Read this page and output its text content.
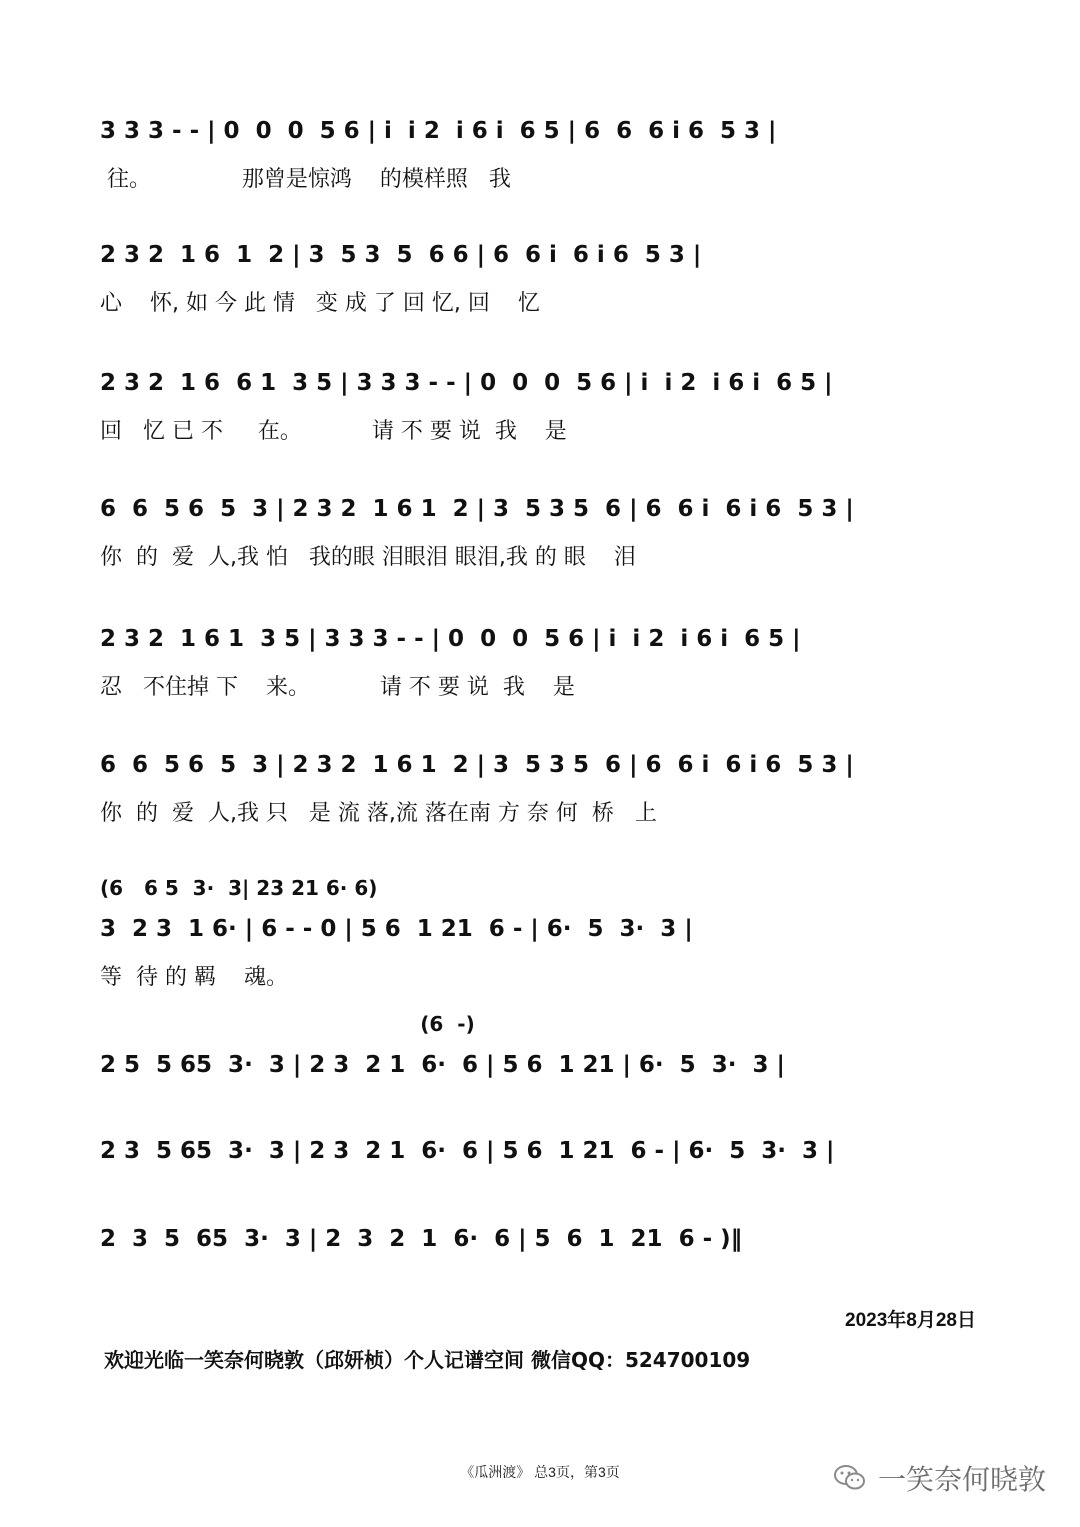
3 3 3 - - | 0  0  0  5 6 | i  i 2  i 6 i  6 5 | 6  6  6 i 6  5 3 |
往。             那曾是惊鸿    的模样照   我
2 3 2  1 6  1  2 | 3  5 3  5  6 6 | 6  6 i  6 i 6  5 3 |
心    怀, 如 今 此 情   变 成 了 回 忆, 回    忆
2 3 2  1 6  6 1  3 5 | 3 3 3 - - | 0  0  0  5 6 | i  i 2  i 6 i  6 5 |
回   忆 已 不     在。          请 不 要 说  我    是
6  6  5 6  5  3 | 2 3 2  1 6 1  2 | 3  5 3 5  6 | 6  6 i  6 i 6  5 3 |
你  的  爱  人,我 怕   我的眼 泪眼泪 眼泪,我 的 眼    泪
2 3 2  1 6 1  3 5 | 3 3 3 - - | 0  0  0  5 6 | i  i 2  i 6 i  6 5 |
忍   不住掉 下    来。          请 不 要 说  我    是
6  6  5 6  5  3 | 2 3 2  1 6 1  2 | 3  5 3 5  6 | 6  6 i  6 i 6  5 3 |
你  的  爱  人,我 只   是 流 落,流 落在南 方 奈 何  桥   上
(6   6 5  3·  3| 23 21 6· 6)
3  2 3  1 6· | 6 - - 0 | 5 6  1 21  6 - | 6·  5  3·  3 |
等  待 的 羁    魂。
(6  -)
2 5  5 65  3·  3 | 2 3  2 1  6·  6 | 5 6  1 21 | 6·  5  3·  3 |
2 3  5 65  3·  3 | 2 3  2 1  6·  6 | 5 6  1 21  6 - | 6·  5  3·  3 |
2  3  5  65  3·  3 | 2  3  2  1  6·  6 | 5  6  1  21  6 - )‖
2023年8月28日
欢迎光临一笑奈何晓敦（邱妍桢）个人记谱空间 微信QQ：524700109
《瓜洲渡》 总3页，第3页	一笑奈何晓敦
